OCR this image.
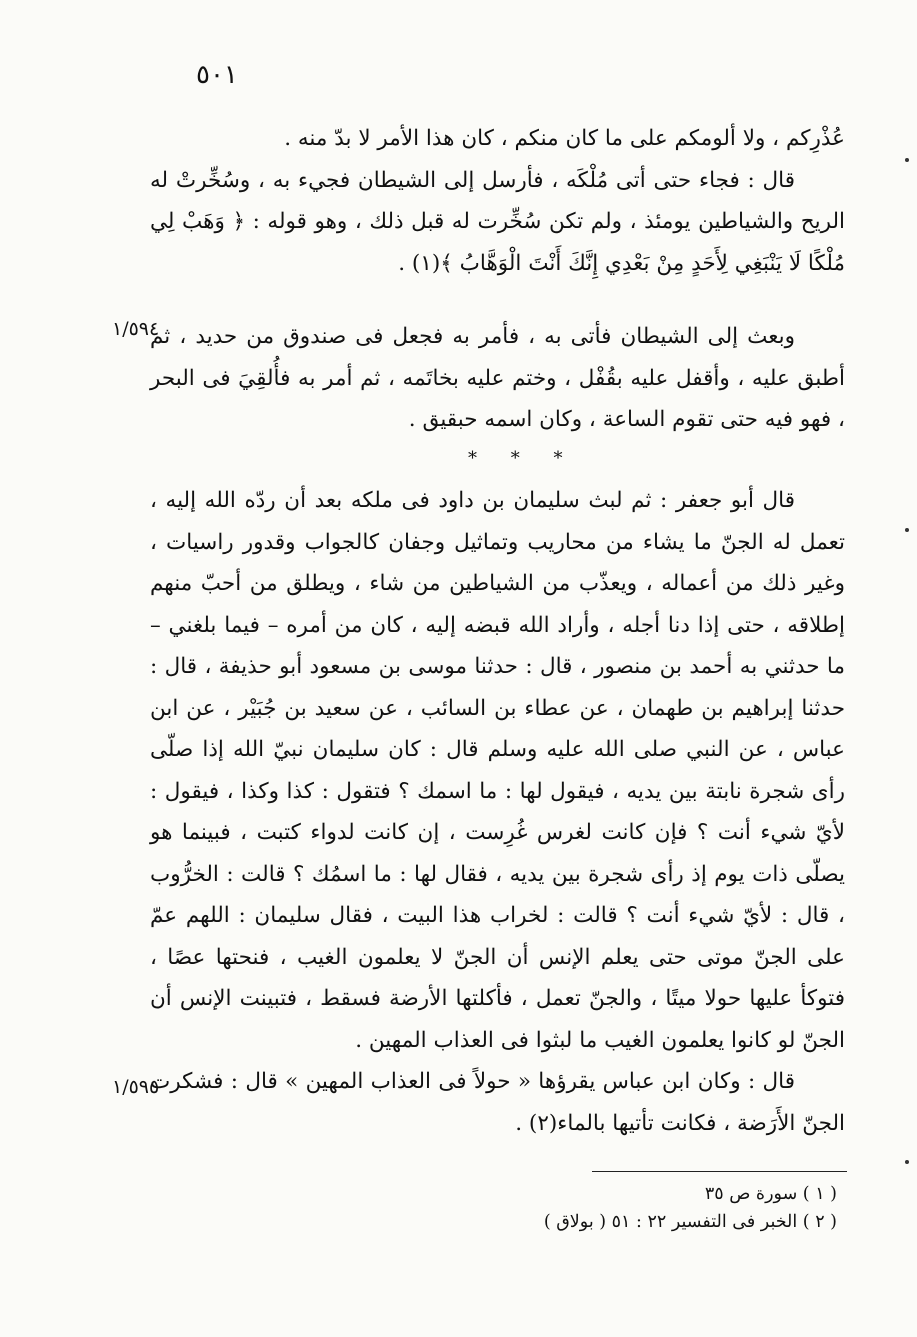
٥٠١

عُذْرِكم ، ولا ألومكم على ما كان منكم ، كان هذا الأمر لا بدّ منه .

قال : فجاء حتى أتى مُلْكَه ، فأرسل إلى الشيطان فجيء به ، وسُخِّرتْ له الريح والشياطين يومئذ ، ولم تكن سُخِّرت له قبل ذلك ، وهو قوله : ﴿ وَهَبْ لِي مُلْكًا لَا يَنْبَغِي لِأَحَدٍ مِنْ بَعْدِي إِنَّكَ أَنْتَ الْوَهَّابُ ﴾(١) .

١/٥٩٤

وبعث إلى الشيطان فأتى به ، فأمر به فجعل فى صندوق من حديد ، ثم أطبق عليه ، وأقفل عليه بقُفْل ، وختم عليه بخاتَمه ، ثم أمر به فأُلقِيَ فى البحر ، فهو فيه حتى تقوم الساعة ، وكان اسمه حبقيق .

* * *

قال أبو جعفر : ثم لبث سليمان بن داود فى ملكه بعد أن ردّه الله إليه ، تعمل له الجنّ ما يشاء من محاريب وتماثيل وجفان كالجواب وقدور راسيات ، وغير ذلك من أعماله ، ويعذّب من الشياطين من شاء ، ويطلق من أحبّ منهم إطلاقه ، حتى إذا دنا أجله ، وأراد الله قبضه إليه ، كان من أمره – فيما بلغني – ما حدثني به أحمد بن منصور ، قال : حدثنا موسى بن مسعود أبو حذيفة ، قال : حدثنا إبراهيم بن طهمان ، عن عطاء بن السائب ، عن سعيد بن جُبَيْر ، عن ابن عباس ، عن النبي صلى الله عليه وسلم قال : كان سليمان نبيّ الله إذا صلّى رأى شجرة نابتة بين يديه ، فيقول لها : ما اسمك ؟ فتقول : كذا وكذا ، فيقول : لأيّ شيء أنت ؟ فإن كانت لغرس غُرِست ، إن كانت لدواء كتبت ، فبينما هو يصلّى ذات يوم إذ رأى شجرة بين يديه ، فقال لها : ما اسمُك ؟ قالت : الخرُّوب ، قال : لأيّ شيء أنت ؟ قالت : لخراب هذا البيت ، فقال سليمان : اللهم عمّ على الجنّ موتى حتى يعلم الإنس أن الجنّ لا يعلمون الغيب ، فنحتها عصًا ، فتوكأ عليها حولا ميتًا ، والجنّ تعمل ، فأكلتها الأرضة فسقط ، فتبينت الإنس أن الجنّ لو كانوا يعلمون الغيب ما لبثوا فى العذاب المهين .

قال : وكان ابن عباس يقرؤها « حولاً فى العذاب المهين » قال : فشكرت الجنّ الأَرَضة ، فكانت تأتيها بالماء(٢) .

١/٥٩٥

( ١ ) سورة ص ٣٥

( ٢ ) الخبر فى التفسير ٢٢ : ٥١ ( بولاق )
